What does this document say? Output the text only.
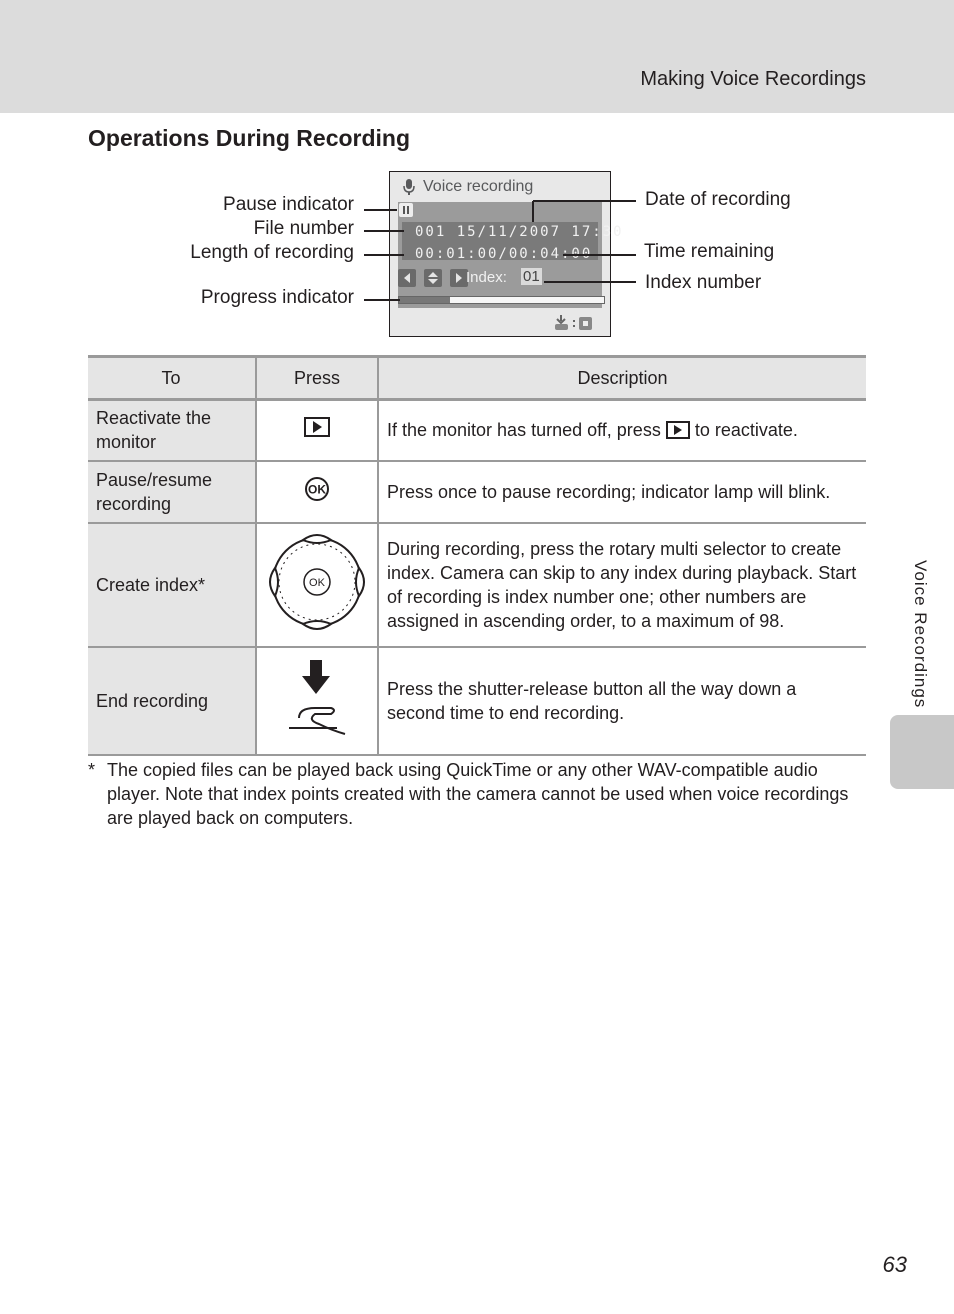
Making Voice Recordings
Operations During Recording
Voice recording
001 15/11/2007 17:30
00:01:00/00:04:00
Index: 01
Pause indicator
File number
Length of recording
Progress indicator
Date of recording
Time remaining
Index number
To	Press	Description
Reactivate the monitor		If the monitor has turned off, press to reactivate.
Pause/resume recording	OK	Press once to pause recording; indicator lamp will blink.
Create index*	OK	During recording, press the rotary multi selector to create index. Camera can skip to any index during playback. Start of recording is index number one; other numbers are assigned in ascending order, to a maximum of 98.
End recording		Press the shutter-release button all the way down a second time to end recording.
* The copied files can be played back using QuickTime or any other WAV-compatible audio player. Note that index points created with the camera cannot be used when voice recordings are played back on computers.
Voice Recordings
63
